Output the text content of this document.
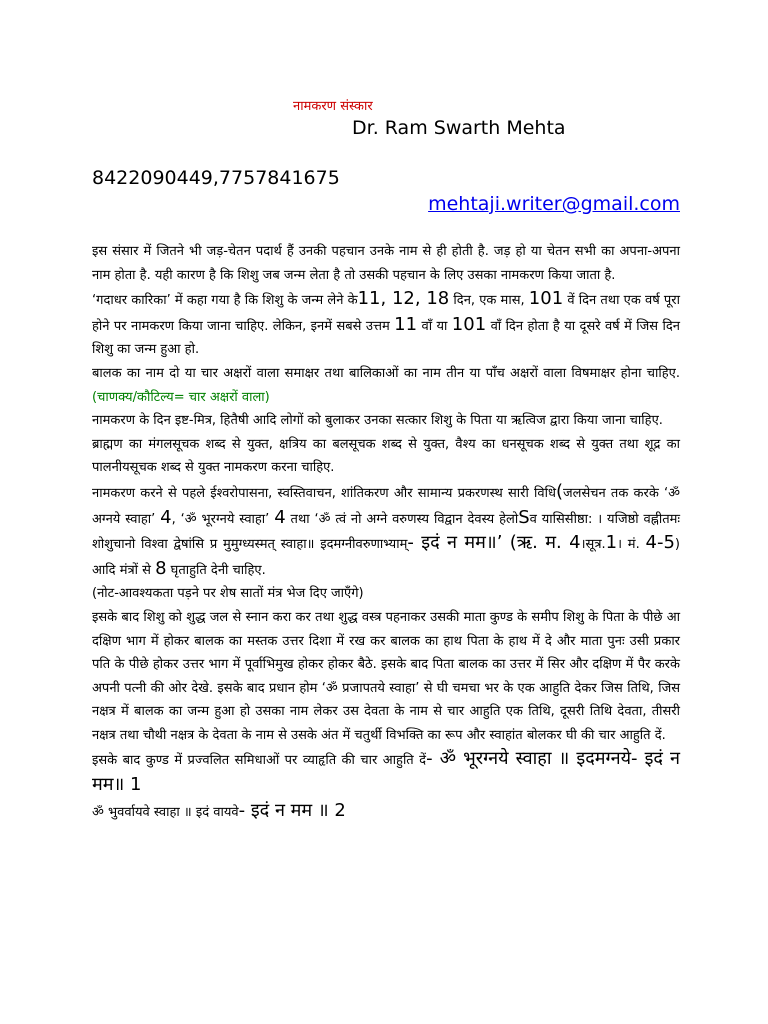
नामकरण संस्कार
Dr. Ram Swarth Mehta
8422090449,7757841675
mehtaji.writer@gmail.com

इस संसार में जितने भी जड़-चेतन पदार्थ हैं उनकी पहचान उनके नाम से ही होती है. जड़ हो या चेतन सभी का अपना-अपना नाम होता है. यही कारण है कि शिशु जब जन्म लेता है तो उसकी पहचान के लिए उसका नामकरण किया जाता है.

‘गदाधर कारिका’ में कहा गया है कि शिशु के जन्म लेने के11, 12, 18 दिन, एक मास, 101 वें दिन तथा एक वर्ष पूरा होने पर नामकरण किया जाना चाहिए. लेकिन, इनमें सबसे उत्तम 11 वाँ या 101 वाँ दिन होता है या दूसरे वर्ष में जिस दिन शिशु का जन्म हुआ हो.

बालक का नाम दो या चार अक्षरों वाला समाक्षर तथा बालिकाओं का नाम तीन या पाँच अक्षरों वाला विषमाक्षर होना चाहिए.(चाणक्य/कौटिल्य= चार अक्षरों वाला)

नामकरण के दिन इष्ट-मित्र, हितैषी आदि लोगों को बुलाकर उनका सत्कार शिशु के पिता या ऋत्विज द्वारा किया जाना चाहिए.

ब्राह्मण का मंगलसूचक शब्द से युक्त, क्षत्रिय का बलसूचक शब्द से युक्त, वैश्य का धनसूचक शब्द से युक्त तथा शूद्र का पालनीयसूचक शब्द से युक्त नामकरण करना चाहिए.

नामकरण करने से पहले ईश्वरोपासना, स्वस्तिवाचन, शांतिकरण और सामान्य प्रकरणस्थ सारी विधि(जलसेचन तक करके ‘ॐ अग्नये स्वाहा’ 4, ‘ॐ भूरग्नये स्वाहा’ 4 तथा ‘ॐ त्वं नो अग्ने वरुणस्य विद्वान देवस्य हेलोSव यासिसीष्ठा: । यजिष्ठो वह्नीतमः शोशुचानो विश्वा द्वेषांसि प्र मुमुग्ध्यस्मत् स्वाहा॥ इदमग्नीवरुणाभ्याम्- इदं न मम॥’ (ऋ. म. 4।सूत्र.1। मं. 4-5) आदि मंत्रों से 8 घृताहुति देनी चाहिए.

(नोट-आवश्यकता पड़ने पर शेष सातों मंत्र भेज दिए जाएँगे)

इसके बाद शिशु को शुद्ध जल से स्नान करा कर तथा शुद्ध वस्त्र पहनाकर उसकी माता कुण्ड के समीप शिशु के पिता के पीछे आ दक्षिण भाग में होकर बालक का मस्तक उत्तर दिशा में रख कर बालक का हाथ पिता के हाथ में दे और माता पुनः उसी प्रकार पति के पीछे होकर उत्तर भाग में पूर्वाभिमुख होकर होकर बैठे. इसके बाद पिता बालक का उत्तर में सिर और दक्षिण में पैर करके अपनी पत्नी की ओर देखे. इसके बाद प्रधान होम ‘ॐ प्रजापतये स्वाहा’ से घी चमचा भर के एक आहुति देकर जिस तिथि, जिस नक्षत्र में बालक का जन्म हुआ हो उसका नाम लेकर उस देवता के नाम से चार आहुति एक तिथि, दूसरी तिथि देवता, तीसरी नक्षत्र तथा चौथी नक्षत्र के देवता के नाम से उसके अंत में चतुर्थी विभक्ति का रूप और स्वाहांत बोलकर घी की चार आहुति दें.

इसके बाद कुण्ड में प्रज्वलित समिधाओं पर व्याहृति की चार आहुति दें- ॐ भूरग्नये स्वाहा ॥ इदमग्नये- इदं न मम॥ 1

ॐ भुवर्वायवे स्वाहा ॥ इदं वायवे- इदं न मम ॥ 2
